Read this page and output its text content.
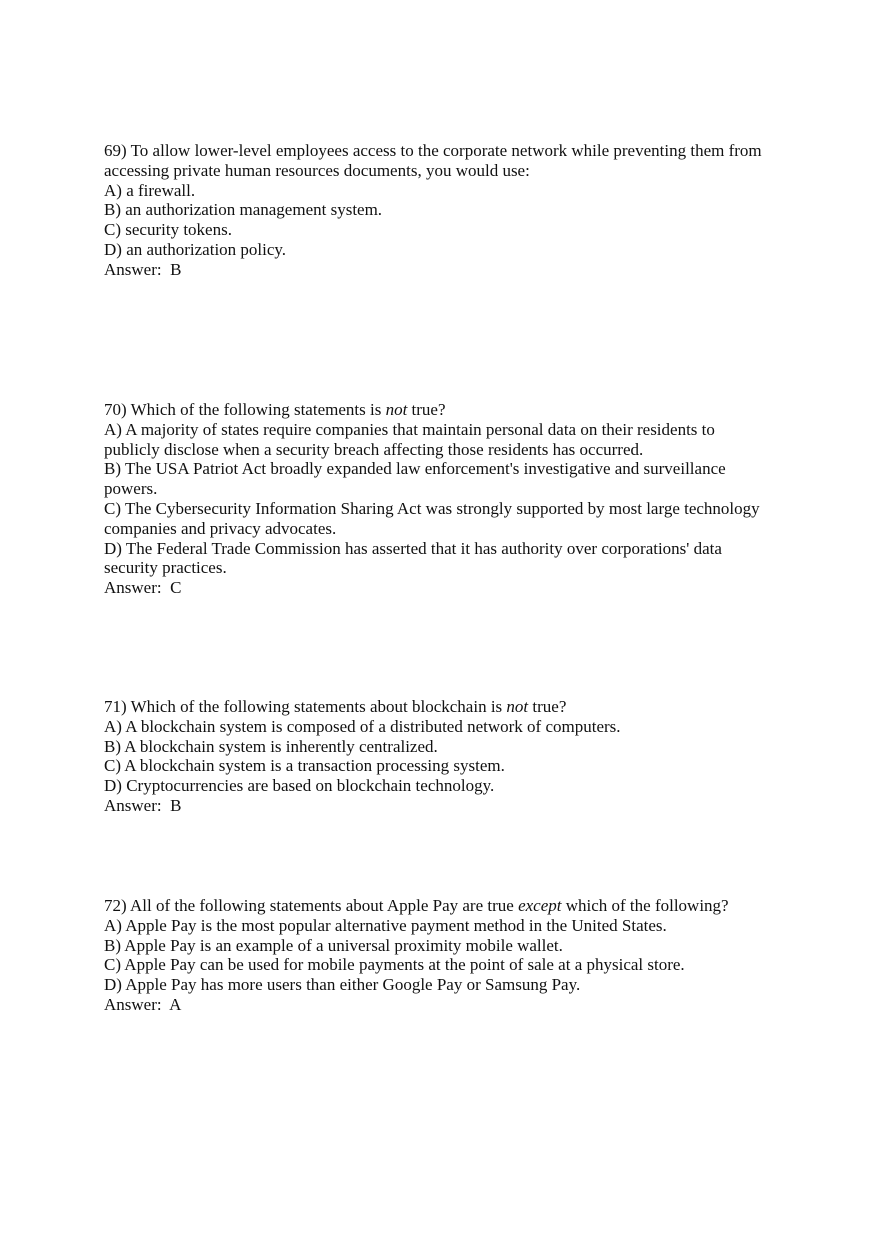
69) To allow lower-level employees access to the corporate network while preventing them from

accessing private human resources documents, you would use:

A) a firewall.

B) an authorization management system.

C) security tokens.

D) an authorization policy.

Answer:  B

70) Which of the following statements is not true?

A) A majority of states require companies that maintain personal data on their residents to

publicly disclose when a security breach affecting those residents has occurred.

B) The USA Patriot Act broadly expanded law enforcement's investigative and surveillance

powers.

C) The Cybersecurity Information Sharing Act was strongly supported by most large technology

companies and privacy advocates.

D) The Federal Trade Commission has asserted that it has authority over corporations' data

security practices.

Answer:  C

71) Which of the following statements about blockchain is not true?

A) A blockchain system is composed of a distributed network of computers.

B) A blockchain system is inherently centralized.

C) A blockchain system is a transaction processing system.

D) Cryptocurrencies are based on blockchain technology.

Answer:  B

72) All of the following statements about Apple Pay are true except which of the following?

A) Apple Pay is the most popular alternative payment method in the United States.

B) Apple Pay is an example of a universal proximity mobile wallet.

C) Apple Pay can be used for mobile payments at the point of sale at a physical store.

D) Apple Pay has more users than either Google Pay or Samsung Pay.

Answer:  A
